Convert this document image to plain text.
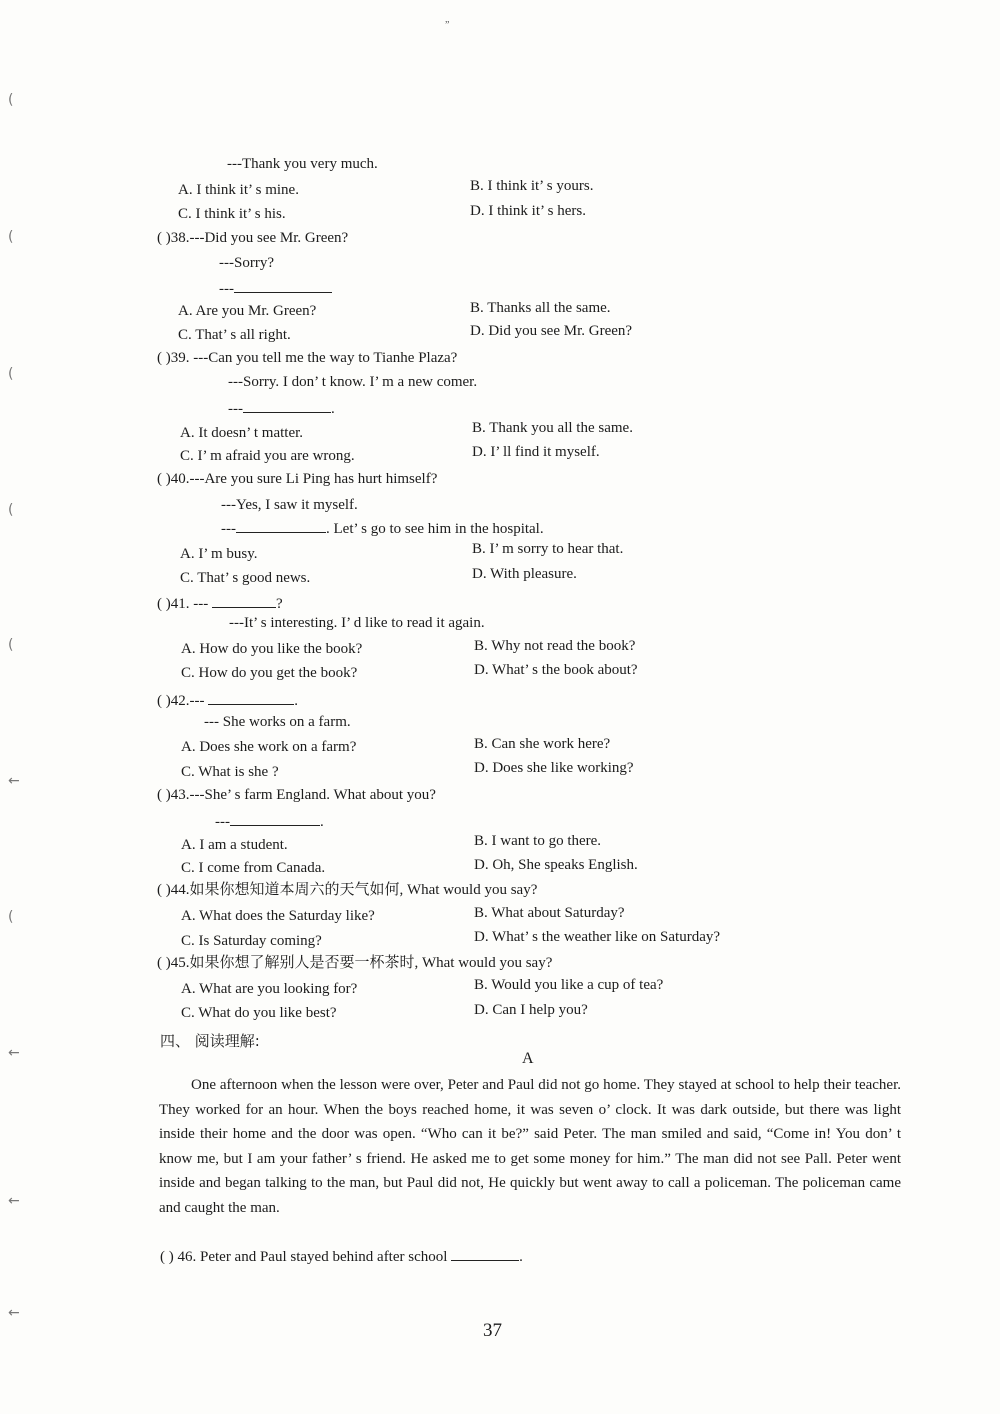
”
(
(
(
(
(
←
(
←
←
←
---Thank you very much.
A. I think it’ s mine.	B. I think it’ s yours.
C. I think it’ s his.	D. I think it’ s hers.
( )38.---Did you see Mr. Green?
---Sorry?
---
A. Are you Mr. Green?	B. Thanks all the same.
C. That’ s all right.	D. Did you see Mr. Green?
( )39. ---Can you tell me the way to Tianhe Plaza?
---Sorry. I don’ t know. I’ m a new comer.
---	.
A. It doesn’ t matter.	B. Thank you all the same.
C. I’ m afraid you are wrong.	D. I’ ll find it myself.
( )40.---Are you sure Li Ping has hurt himself?
---Yes, I saw it myself.
---	. Let’ s go to see him in the hospital.
A. I’ m busy.	B. I’ m sorry to hear that.
C. That’ s good news.	D. With pleasure.
( )41. ---	?
---It’ s interesting. I’ d like to read it again.
A. How do you like the book?	B. Why not read the book?
C. How do you get the book?	D. What’ s the book about?
( )42.---	.
--- She works on a farm.
A. Does she work on a farm?	B. Can she work here?
C. What is she ?	D. Does she like working?
( )43.---She’ s farm England. What about you?
---	.
A. I am a student.	B. I want to go there.
C. I come from Canada.	D. Oh, She speaks English.
( )44.如果你想知道本周六的天气如何, What would you say?
A. What does the Saturday like?	B. What about Saturday?
C. Is Saturday coming?	D. What’ s the weather like on Saturday?
( )45.如果你想了解别人是否要一杯茶时, What would you say?
A. What are you looking for?	B. Would you like a cup of tea?
C. What do you like best?	D. Can I help you?
四、 阅读理解:
A
One afternoon when the lesson were over, Peter and Paul did not go home. They stayed at school to help their teacher. They worked for an hour. When the boys reached home, it was seven o’ clock. It was dark outside, but there was light inside their home and the door was open. “Who can it be?” said Peter. The man smiled and said, “Come in! You don’ t know me, but I am your father’ s friend. He asked me to get some money for him.” The man did not see Pall. Peter went inside and began talking to the man, but Paul did not, He quickly but went away to call a policeman. The policeman came and caught the man.
( ) 46. Peter and Paul stayed behind after school	.
37
